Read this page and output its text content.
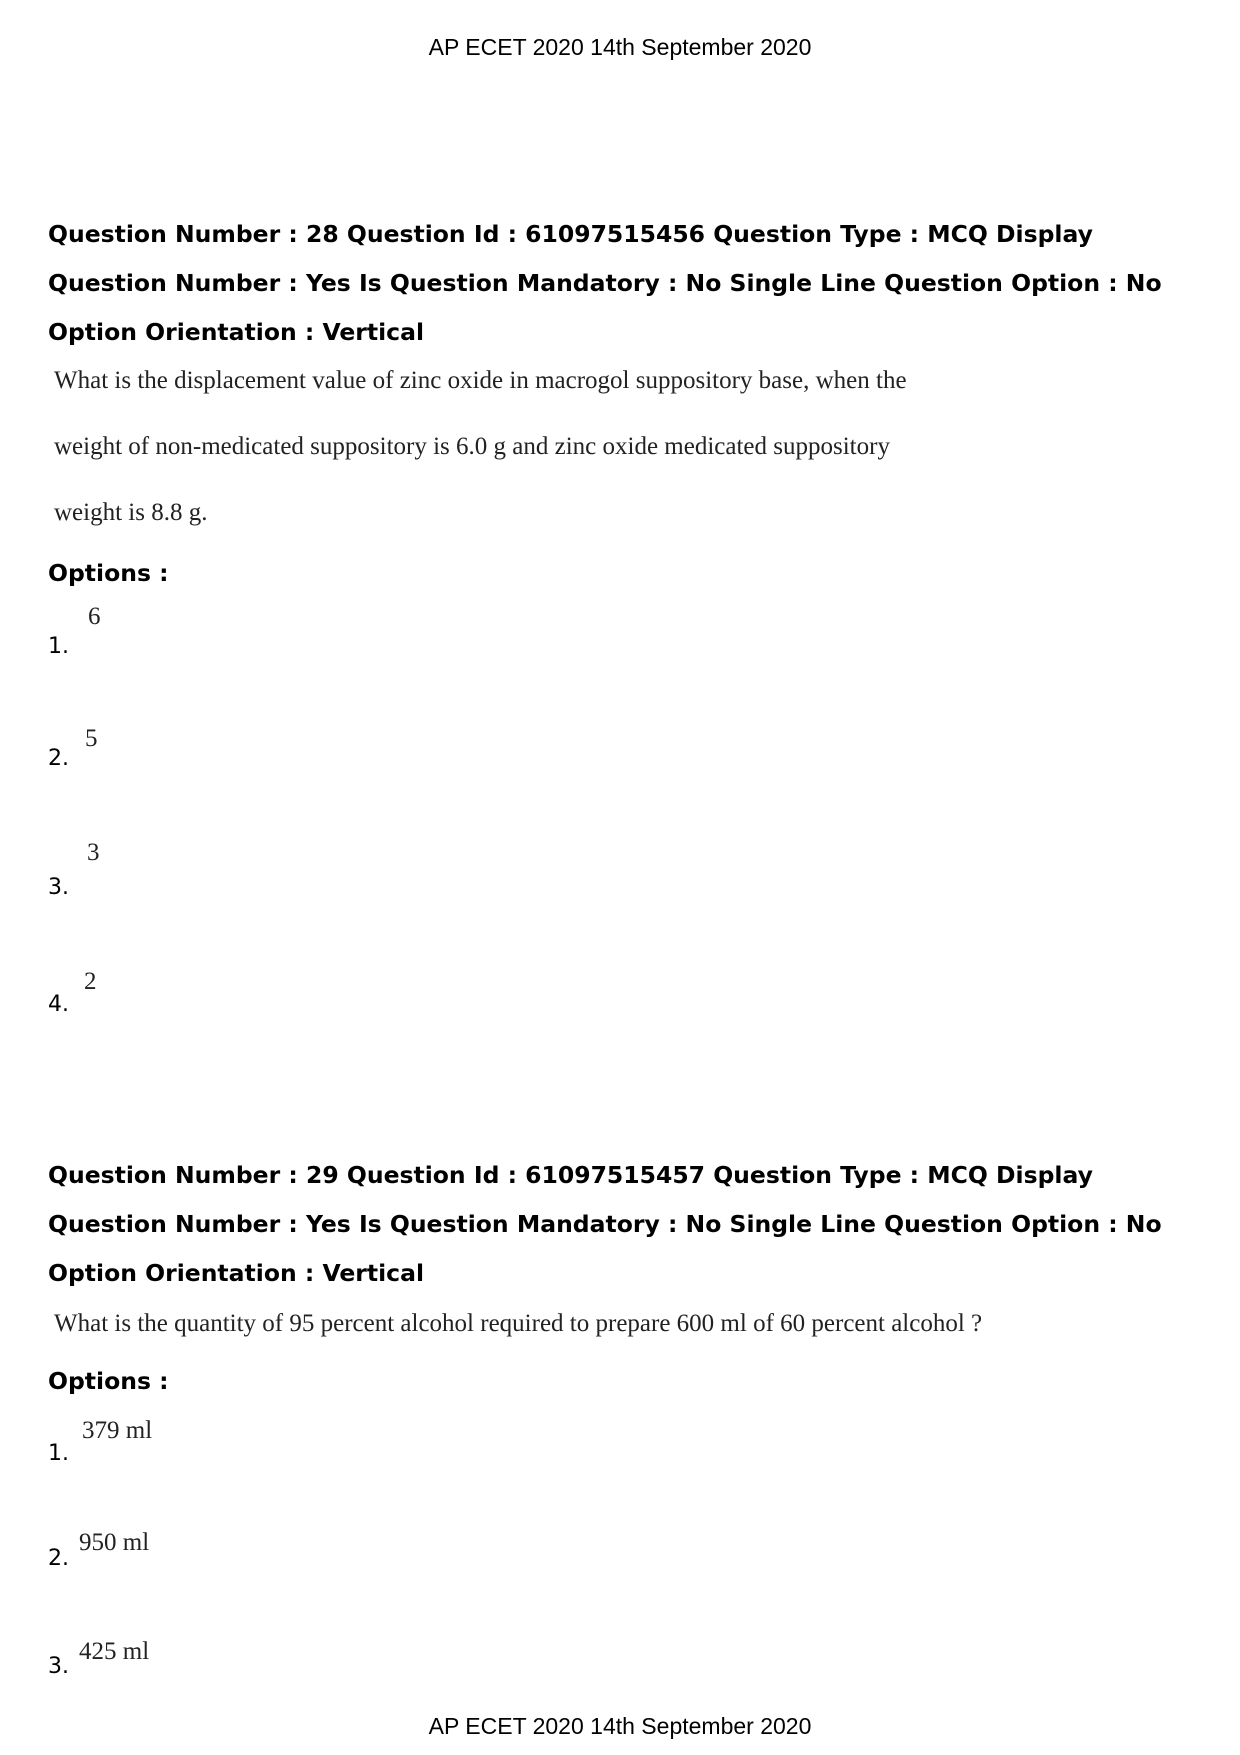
AP ECET 2020 14th September 2020
Question Number : 28 Question Id : 61097515456 Question Type : MCQ Display Question Number : Yes Is Question Mandatory : No Single Line Question Option : No Option Orientation : Vertical
What is the displacement value of zinc oxide in macrogol suppository base, when the
weight of non-medicated suppository is 6.0 g and zinc oxide medicated suppository
weight is 8.8 g.
Options :
1.
6
2.
5
3.
3
4.
2
Question Number : 29 Question Id : 61097515457 Question Type : MCQ Display Question Number : Yes Is Question Mandatory : No Single Line Question Option : No Option Orientation : Vertical
What is the quantity of 95 percent alcohol required to prepare 600 ml of 60 percent alcohol ?
Options :
1.
379 ml
2.
950 ml
3.
425 ml
AP ECET 2020 14th September 2020
